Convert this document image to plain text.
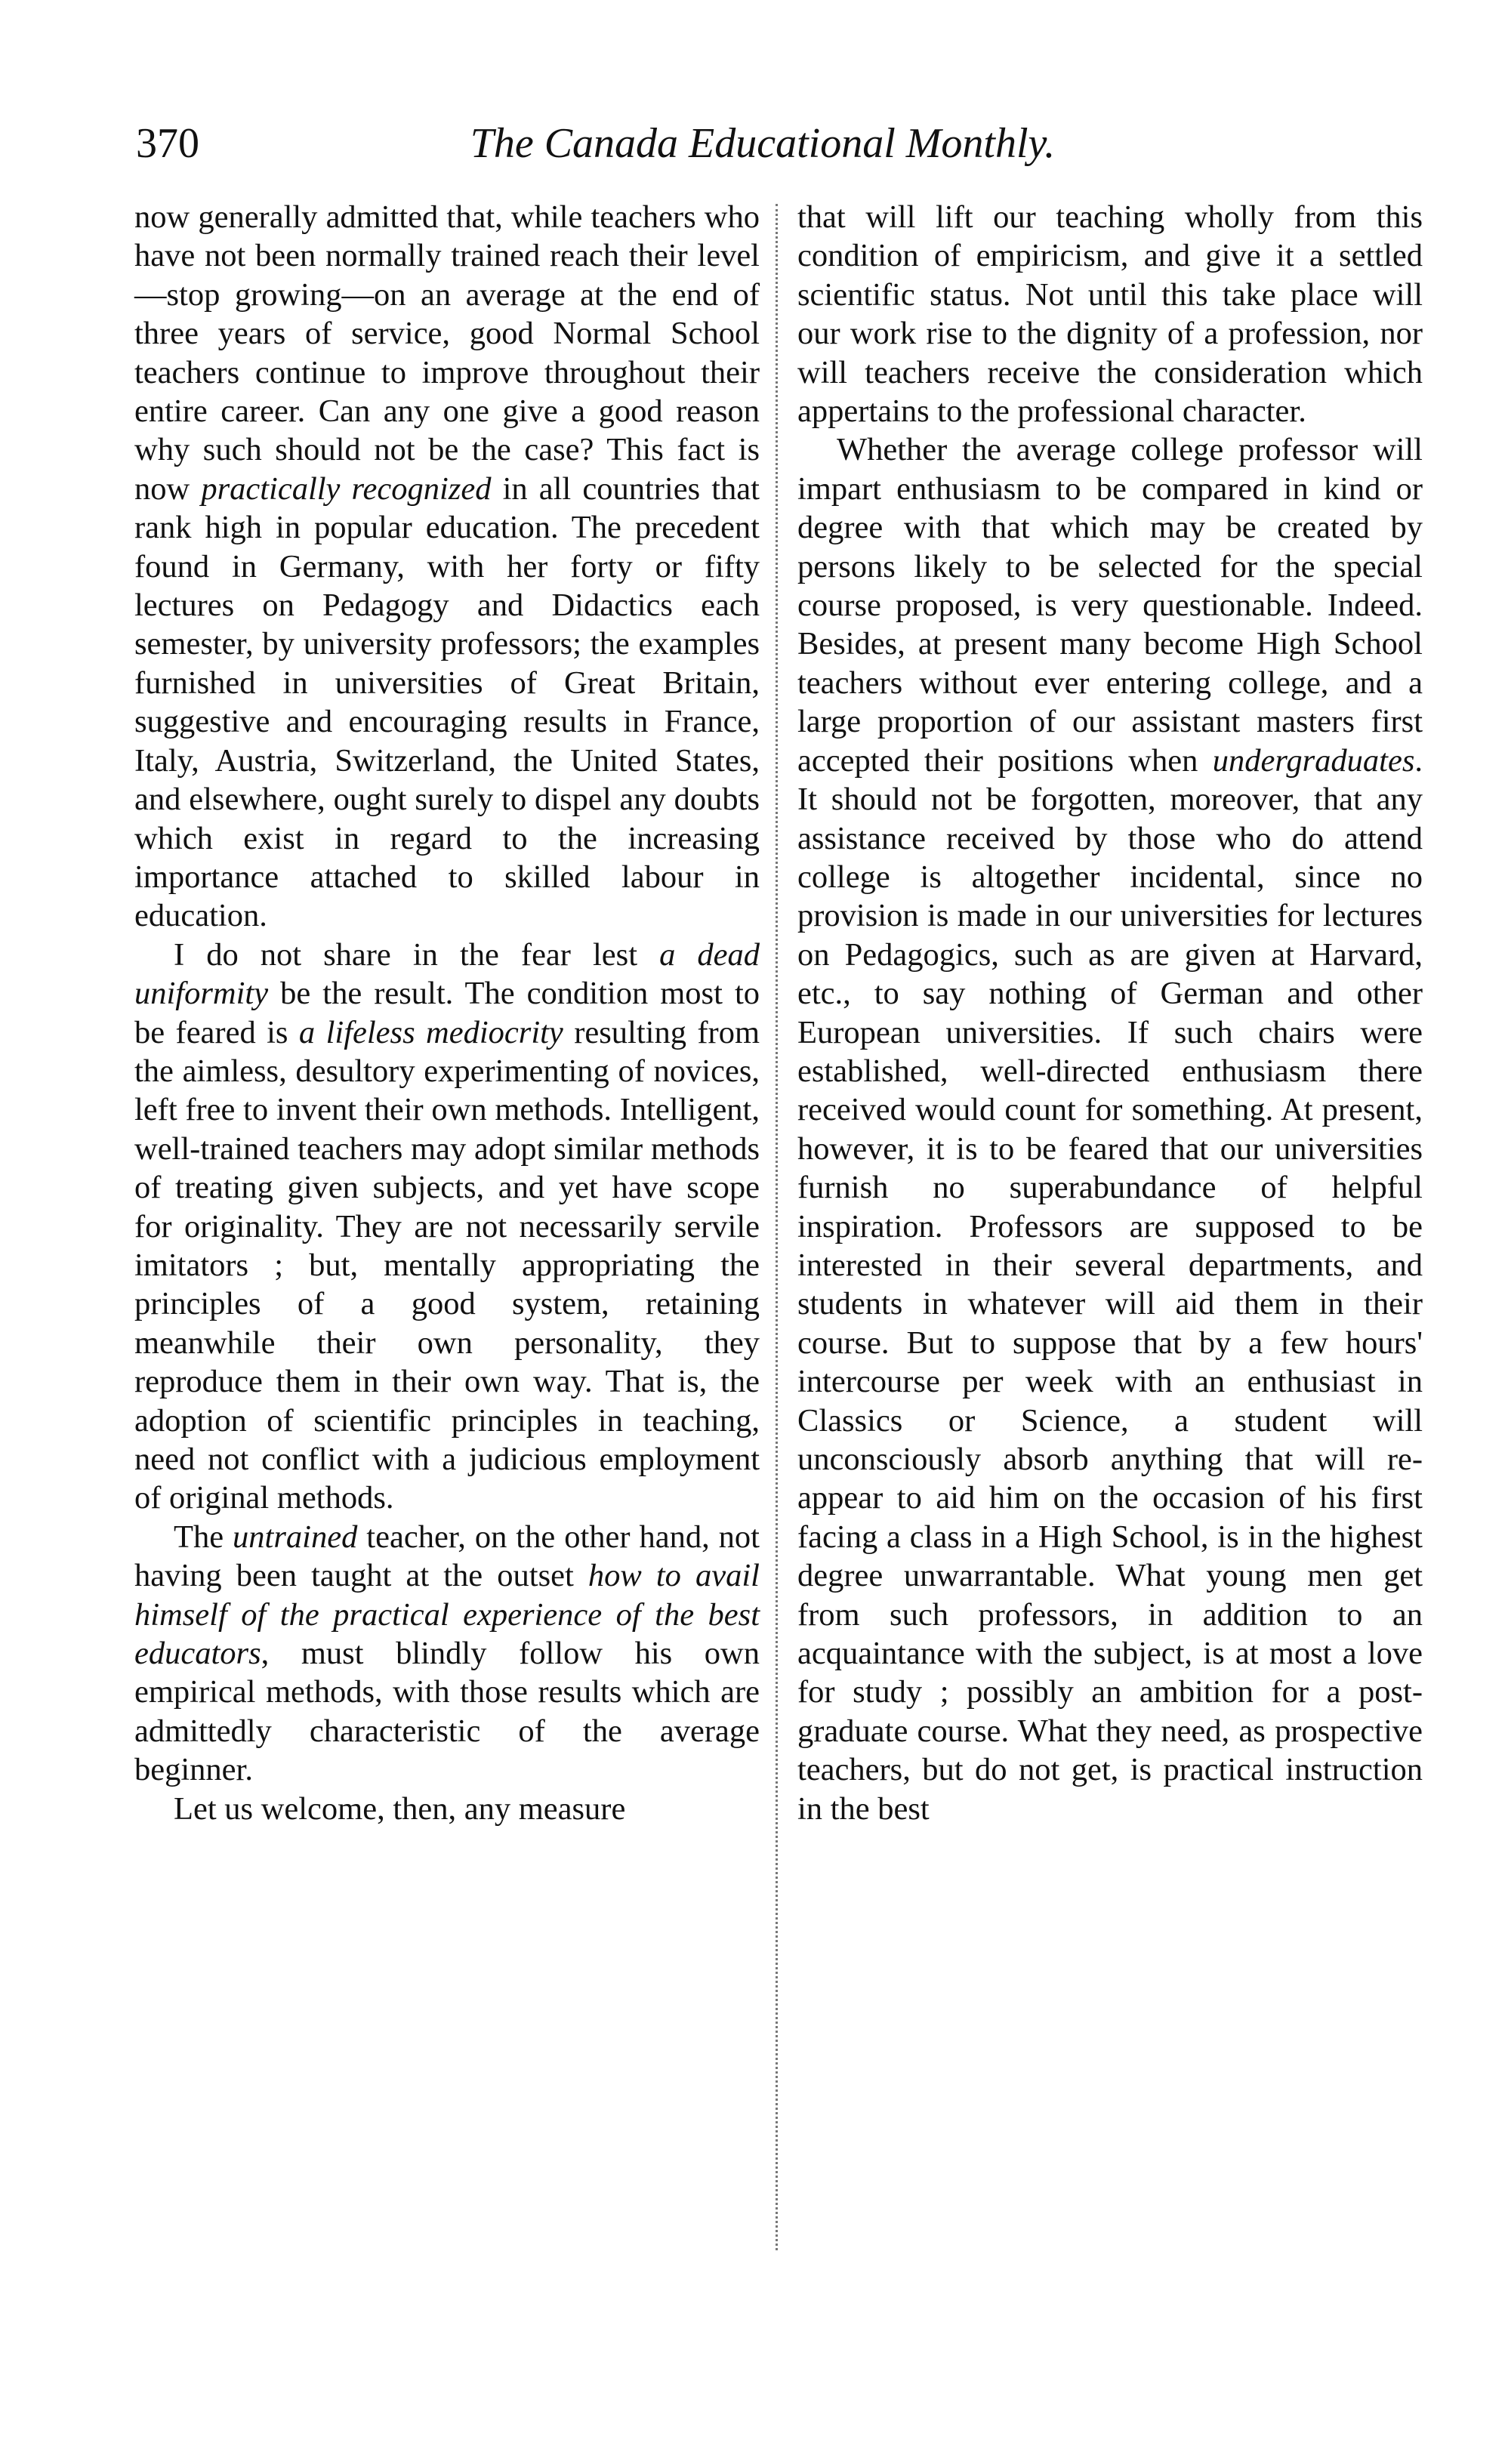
370	The Canada Educational Monthly.

now generally admitted that, while teachers who have not been normally trained reach their level—stop growing—on an average at the end of three years of service, good Normal School teachers continue to improve throughout their entire career. Can any one give a good reason why such should not be the case? This fact is now practically recognized in all countries that rank high in popular education. The precedent found in Germany, with her forty or fifty lectures on Pedagogy and Didactics each semester, by university professors; the examples furnished in universities of Great Britain, suggestive and encouraging results in France, Italy, Austria, Switzerland, the United States, and elsewhere, ought surely to dispel any doubts which exist in regard to the increasing importance attached to skilled labour in education.

I do not share in the fear lest a dead uniformity be the result. The condition most to be feared is a lifeless mediocrity resulting from the aimless, desultory experimenting of novices, left free to invent their own methods. Intelligent, well-trained teachers may adopt similar methods of treating given subjects, and yet have scope for originality. They are not necessarily servile imitators ; but, mentally appropriating the principles of a good system, retaining meanwhile their own personality, they reproduce them in their own way. That is, the adoption of scientific principles in teaching, need not conflict with a judicious employment of original methods.

The untrained teacher, on the other hand, not having been taught at the outset how to avail himself of the practical experience of the best educators, must blindly follow his own empirical methods, with those results which are admittedly characteristic of the average beginner.

Let us welcome, then, any measure

that will lift our teaching wholly from this condition of empiricism, and give it a settled scientific status. Not until this take place will our work rise to the dignity of a profession, nor will teachers receive the consideration which appertains to the professional character.

Whether the average college professor will impart enthusiasm to be compared in kind or degree with that which may be created by persons likely to be selected for the special course proposed, is very questionable. Indeed. Besides, at present many become High School teachers without ever entering college, and a large proportion of our assistant masters first accepted their positions when undergraduates. It should not be forgotten, moreover, that any assistance received by those who do attend college is altogether incidental, since no provision is made in our universities for lectures on Pedagogics, such as are given at Harvard, etc., to say nothing of German and other European universities. If such chairs were established, well-directed enthusiasm there received would count for something. At present, however, it is to be feared that our universities furnish no superabundance of helpful inspiration. Professors are supposed to be interested in their several departments, and students in whatever will aid them in their course. But to suppose that by a few hours' intercourse per week with an enthusiast in Classics or Science, a student will unconsciously absorb anything that will re-appear to aid him on the occasion of his first facing a class in a High School, is in the highest degree unwarrantable. What young men get from such professors, in addition to an acquaintance with the subject, is at most a love for study ; possibly an ambition for a post-graduate course. What they need, as prospective teachers, but do not get, is practical instruction in the best
